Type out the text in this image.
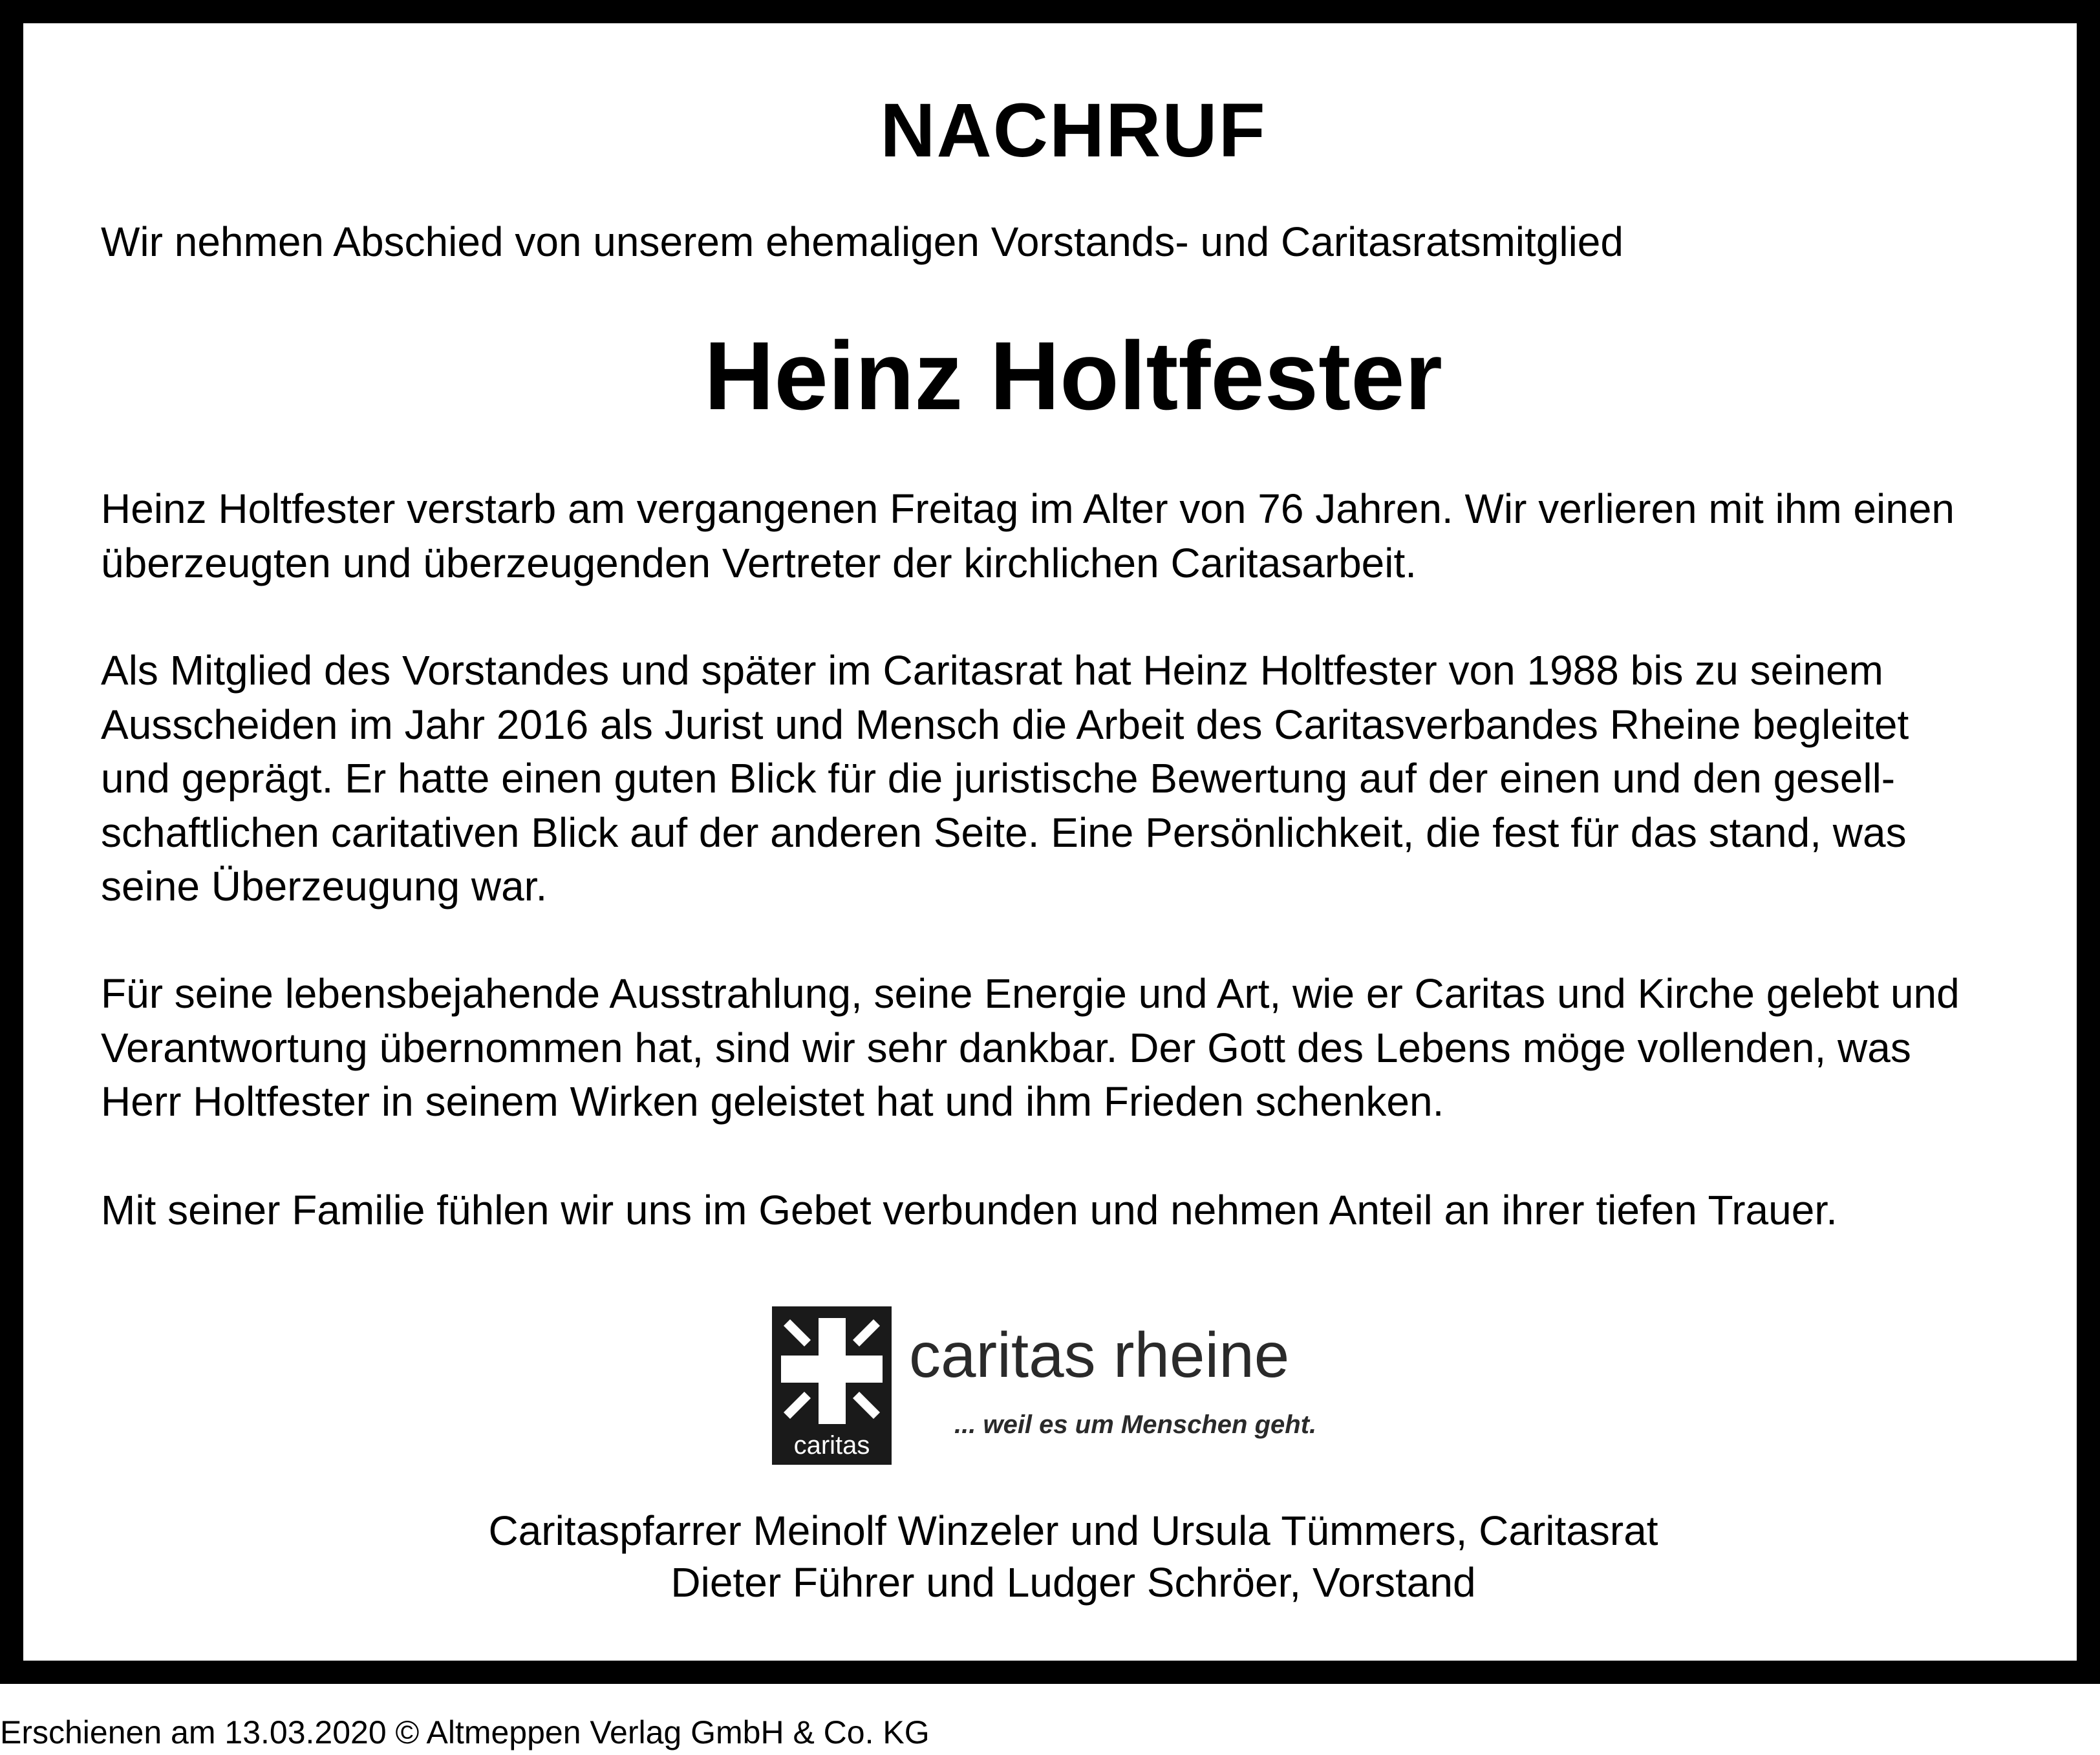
NACHRUF
Wir nehmen Abschied von unserem ehemaligen Vorstands- und Caritasratsmitglied
Heinz Holtfester
Heinz Holtfester verstarb am vergangenen Freitag im Alter von 76 Jahren. Wir verlieren mit ihm einen
überzeugten und überzeugenden Vertreter der kirchlichen Caritasarbeit.
Als Mitglied des Vorstandes und später im Caritasrat hat Heinz Holtfester von 1988 bis zu seinem
Ausscheiden im Jahr 2016 als Jurist und Mensch die Arbeit des Caritasverbandes Rheine begleitet
und geprägt. Er hatte einen guten Blick für die juristische Bewertung auf der einen und den gesell-
schaftlichen caritativen Blick auf der anderen Seite. Eine Persönlichkeit, die fest für das stand, was
seine Überzeugung war.
Für seine lebensbejahende Ausstrahlung, seine Energie und Art, wie er Caritas und Kirche gelebt und
Verantwortung übernommen hat, sind wir sehr dankbar. Der Gott des Lebens möge vollenden, was
Herr Holtfester in seinem Wirken geleistet hat und ihm Frieden schenken.
Mit seiner Familie fühlen wir uns im Gebet verbunden und nehmen Anteil an ihrer tiefen Trauer.
caritas
caritas rheine
... weil es um Menschen geht.
Caritaspfarrer Meinolf Winzeler und Ursula Tümmers, Caritasrat
Dieter Führer und Ludger Schröer, Vorstand
Erschienen am 13.03.2020 © Altmeppen Verlag GmbH & Co. KG
